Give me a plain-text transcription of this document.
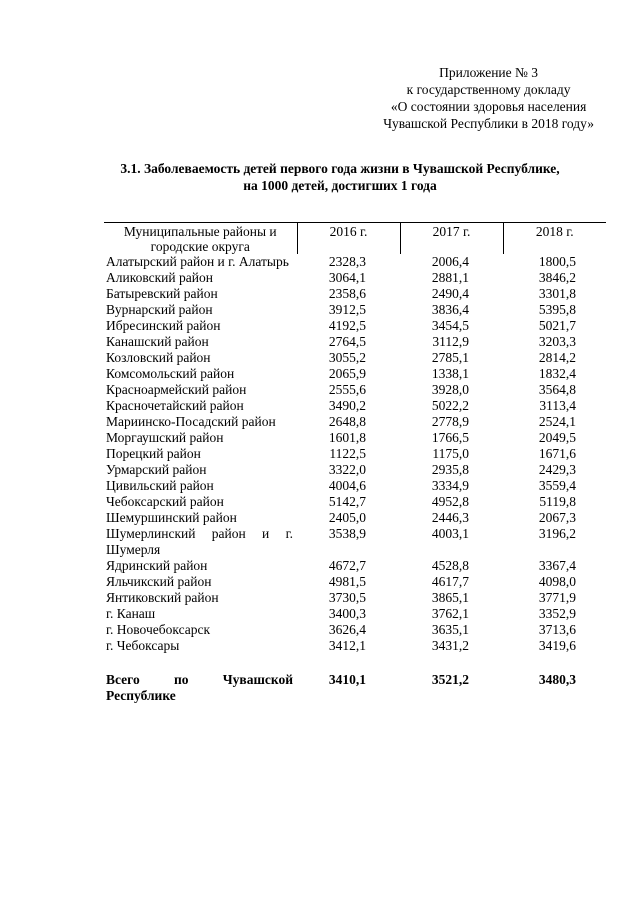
Приложение № 3
к государственному докладу
«О состоянии здоровья населения
Чувашской Республики в 2018 году»
3.1. Заболеваемость детей первого года жизни в Чувашской Республике,
на 1000 детей, достигших 1 года
Муниципальные районы и городские округа	2016 г.	2017 г.	2018 г.
Алатырский район и г. Алатырь	2328,3	2006,4	1800,5
Аликовский район	3064,1	2881,1	3846,2
Батыревский район	2358,6	2490,4	3301,8
Вурнарский район	3912,5	3836,4	5395,8
Ибресинский район	4192,5	3454,5	5021,7
Канашский район	2764,5	3112,9	3203,3
Козловский район	3055,2	2785,1	2814,2
Комсомольский район	2065,9	1338,1	1832,4
Красноармейский район	2555,6	3928,0	3564,8
Красночетайский район	3490,2	5022,2	3113,4
Мариинско-Посадский район	2648,8	2778,9	2524,1
Моргаушский район	1601,8	1766,5	2049,5
Порецкий район	1122,5	1175,0	1671,6
Урмарский район	3322,0	2935,8	2429,3
Цивильский район	4004,6	3334,9	3559,4
Чебоксарский район	5142,7	4952,8	5119,8
Шемуршинский район	2405,0	2446,3	2067,3
Шумерлинский район и г. Шумерля	3538,9	4003,1	3196,2
Ядринский район	4672,7	4528,8	3367,4
Яльчикский район	4981,5	4617,7	4098,0
Янтиковский район	3730,5	3865,1	3771,9
г. Канаш	3400,3	3762,1	3352,9
г. Новочебоксарск	3626,4	3635,1	3713,6
г. Чебоксары	3412,1	3431,2	3419,6

Всего по Чувашской Республике	3410,1	3521,2	3480,3
